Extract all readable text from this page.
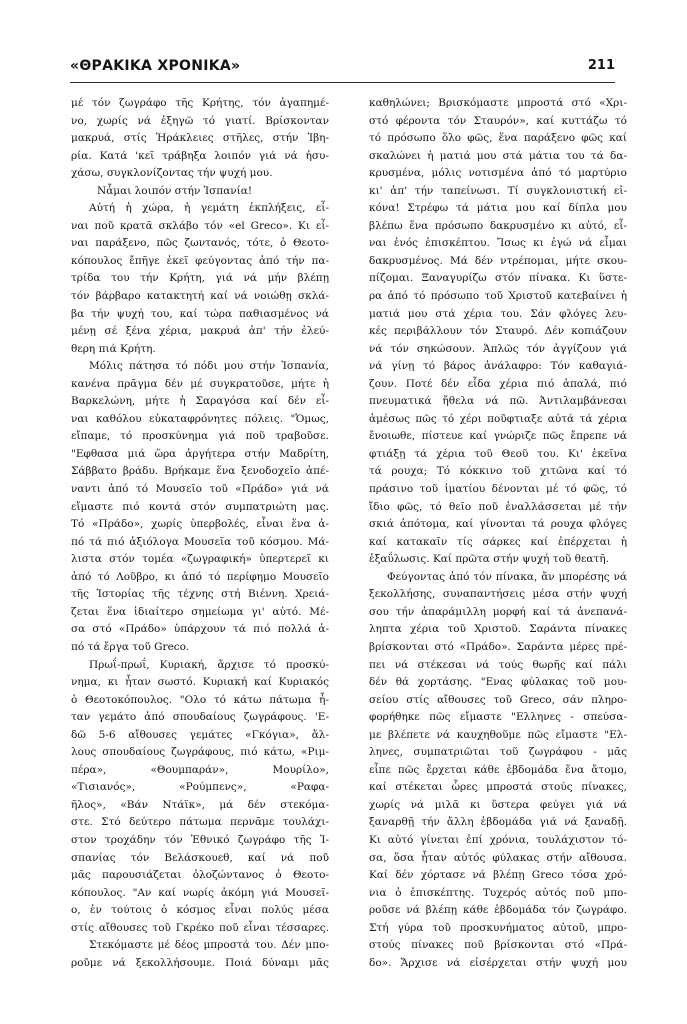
«ΘΡΑΚΙΚΑ ΧΡΟΝΙΚΑ»	211
μέ τόν ζωγράφο τῆς Κρήτης, τόν ἀγαπημέ-
νο, χωρίς νά ἐξηγῶ τό γιατί. Βρίσκονταν
μακρυά, στίς Ἡράκλειες στῆλες, στήν Ἰβη-
ρία. Κατά 'κεῖ τράβηξα λοιπόν γιά νά ἠσυ-
χάσω, συγκλονίζοντας τήν ψυχή μου.
Νἆμαι λοιπόν στήν Ἰσπανία!
Αὐτή ἡ χώρα, ἡ γεμάτη ἐκπλήξεις, εἶ-
ναι ποῦ κρατᾶ σκλάβο τόν «el Greco». Κι εἶ-
ναι παράξενο, πῶς ζωντανός, τότε, ὁ Θεοτο-
κόπουλος ἔπῆγε ἐκεῖ φεύγοντας ἀπό τήν πα-
τρίδα του τήν Κρήτη, γιά νά μήν βλέπῃ
τόν βάρβαρο κατακτητή καί νά νοιώθῃ σκλά-
βα τήν ψυχή του, καί τώρα παθιασμένος νά
μένῃ σέ ξένα χέρια, μακρυά ἀπ' τήν ἐλεύ-
θερη πιά Κρήτη.
Μόλις πάτησα τό πόδι μου στήν Ἰσπανία,
κανένα πρᾶγμα δέν μέ συγκρατοῦσε, μήτε ἡ
Βαρκελώνη, μήτε ἡ Σαραγόσα καί δέν εἶ-
ναι καθόλου εὐκαταφρόνητες πόλεις. "Ὁμως,
εἴπαμε, τό προσκύνημα γιά ποῦ τραβοῦσε.
"Εφθασα μιά ὥρα ἀργήτερα στήν Μαδρίτη,
Σάββατο βράδυ. Βρήκαμε ἕνα ξενοδοχεῖο ἀπέ-
ναντι ἀπό τό Μουσεῖο τοῦ «Πράδο» γιά νά
εἴμαστε πιό κοντά στόν συμπατριώτη μας.
Τό «Πράδο», χωρίς ὑπερβολές, εἶναι ἕνα ἀ-
πό τά πιό ἀξιόλογα Μουσεῖα τοῦ κόσμου. Μά-
λιστα στόν τομέα «ζωγραφική» ὑπερτερεῖ κι
ἀπό τό Λοῦβρο, κι ἀπό τό περίφημο Μουσεῖο
τῆς Ἱστορίας τῆς τέχνης στή Βιέννη. Χρειά-
ζεται ἕνα ἰδιαίτερο σημείωμα γι' αὐτό. Μέ-
σα στό «Πράδο» ὑπάρχουν τά πιό πολλά ἀ-
πό τά ἔργα τοῦ Greco.
Πρωΐ-πρωΐ, Κυριακή, ἄρχισε τό προσκύ-
νημα, κι ἦταν σωστό. Κυριακή καί Κυριακός
ὁ Θεοτοκόπουλος. "Ολο τό κάτω πάτωμα ἦ-
ταν γεμάτο ἀπό σπουδαίους ζωγράφους. 'Ε-
δῶ 5-6 αἴθουσες γεμάτες «Γκόγια», ἄλ-
λους σπουδαίους ζωγράφους, πιό κάτω, «Ριμ-
πέρα», «Θουμπαράν», Μουρίλο»,
«Τισιανός», «Ρούμπενς», «Ραφα-
ῆλος», «Βάν Ντάϊκ», μά δέν στεκόμα-
στε. Στό δεύτερο πάτωμα περνᾶμε τουλάχι-
στον τροχάδην τόν Ἐθνικό ζωγράφο τῆς Ἰ-
σπανίας τόν Βελάσκουεθ, καί νά ποῦ
μᾶς παρουσιάζεται ὁλοζώντανος ὁ Θεοτο-
κόπουλος. "Αν καί νωρίς ἀκόμη γιά Μουσεῖ-
ο, ἐν τούτοις ὁ κόσμος εἶναι πολύς μέσα
στίς αἴθουσες τοῦ Γκρέκο ποῦ εἶναι τέσσαρες.
Στεκόμαστε μέ δέος μπροστά του. Δέν μπο-
ροῦμε νά ξεκολλήσουμε. Ποιά δύναμι μᾶς
καθηλώνει; Βρισκόμαστε μπροστά στό «Χρι-
στό φέροντα τόν Σταυρόν», καί κυττάζω τό
τό πρόσωπο ὅλο φῶς, ἕνα παράξενο φῶς καί
σκαλώνει ἡ ματιά μου στά μάτια του τά δα-
κρυσμένα, μόλις νοτισμένα ἀπό τό μαρτύριο
κι' ἀπ' τήν ταπείνωσι. Τί συγκλονιστική εἰ-
κόνα! Στρέφω τά μάτια μου καί δίπλα μου
βλέπω ἕνα πρόσωπο δακρυσμένο κι αὐτό, εἶ-
ναι ἑνός ἐπισκέπτου. Ἴσως κι ἐγώ νά εἶμαι
δακρυσμένος. Μά δέν ντρέπομαι, μήτε σκου-
πίζομαι. Ξαναγυρίζω στόν πίνακα. Κι ὕστε-
ρα ἀπό τό πρόσωπο τοῦ Χριστοῦ κατεβαίνει ἡ
ματιά μου στά χέρια του. Σάν φλόγες λευ-
κές περιβάλλουν τόν Σταυρό. Δέν κοπιάζουν
νά τόν σηκώσουν. Ἁπλῶς τόν ἀγγίζουν γιά
νά γίνῃ τό βάρος ἀνάλαφρο: Τόν καθαγιά-
ζουν. Ποτέ δέν εἶδα χέρια πιό ἁπαλά, πιό
πνευματικά ἤθελα νά πῶ. Ἀντιλαμβάνεσαι
ἀμέσως πῶς τό χέρι ποῦφτιαξε αὐτά τά χέρια
ἔνοιωθε, πίστευε καί γνώριζε πῶς ἔπρεπε νά
φτιάξῃ τά χέρια τοῦ Θεοῦ του. Κι' ἐκεῖνα
τά ρουχα; Τό κόκκινο τοῦ χιτῶνα καί τό
πράσινο τοῦ ἱματίου δένονται μέ τό φῶς, τό
ἴδιο φῶς, τό θεῖο ποῦ ἐναλλάσσεται μέ τήν
σκιά ἀπότομα, καί γίνονται τά ρουχα φλόγες
καί κατακαῖν τίς σάρκες καί ἐπέρχεται ἡ
ἐξαΰλωσις. Καί πρῶτα στήν ψυχή τοῦ θεατῆ.
Φεύγοντας ἀπό τόν πίνακα, ἄν μπορέσης νά
ξεκολλήσης, συναπαντήσεις μέσα στήν ψυχή
σου τήν ἀπαράμιλλη μορφή καί τά ἀνεπανά-
ληπτα χέρια τοῦ Χριστοῦ. Σαράντα πίνακες
βρίσκονται στό «Πράδο». Σαράντα μέρες πρέ-
πει νά στέκεσαι νά τούς θωρῆς καί πάλι
δέν θά χορτάσης. "Ενας φύλακας τοῦ μου-
σείου στίς αἴθουσες τοῦ Greco, σάν πληρο-
φορήθηκε πῶς εἴμαστε "Ελληνες - σπεύσα-
με βλέπετε νά καυχηθοῦμε πῶς εἴμαστε "Ελ-
ληνες, συμπατριῶται τοῦ ζωγράφου - μᾶς
εἶπε πῶς ἔρχεται κάθε ἑβδομάδα ἕνα ἄτομο,
καί στέκεται ὧρες μπροστά στούς πίνακες,
χωρίς νά μιλᾶ κι ὕστερα φεύγει γιά νά
ξαναρθῇ τήν ἄλλη ἑβδομάδα γιά νά ξαναδῇ.
Κι αὐτό γίνεται ἐπί χρόνια, τουλάχιστον τό-
σα, ὅσα ἦταν αὐτός φύλακας στήν αἴθουσα.
Καί δέν χόρτασε νά βλέπῃ Greco τόσα χρό-
νια ὁ ἐπισκέπτης. Τυχερός αὐτός ποῦ μπο-
ροῦσε νά βλέπῃ κάθε ἑβδομάδα τόν ζωγράφο.
Στή γύρα τοῦ προσκυνήματος αὐτοῦ, μπρο-
στούς πίνακες ποῦ βρίσκονται στό «Πρά-
δο». Ἄρχισε νά εἰσέρχεται στήν ψυχή μου
